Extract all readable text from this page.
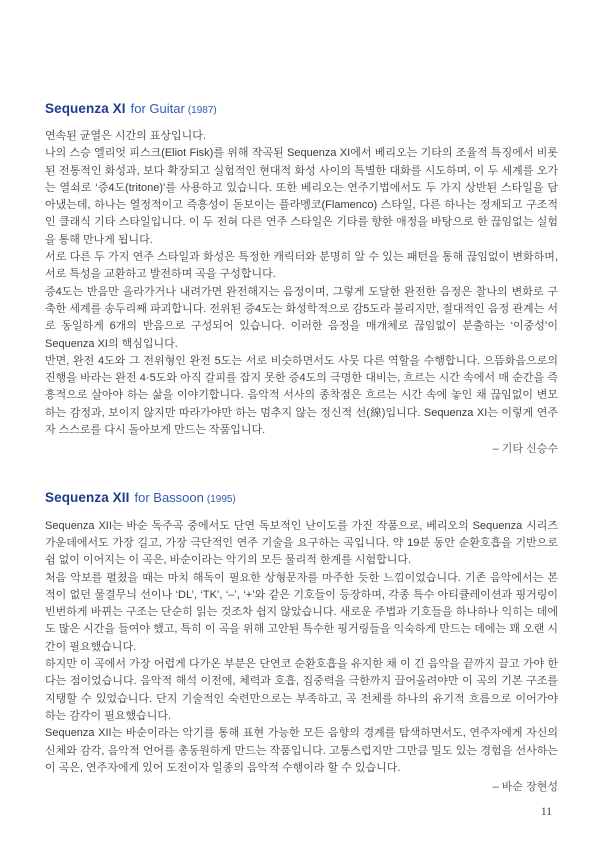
Sequenza XI for Guitar (1987)

연속된 균열은 시간의 표상입니다.

나의 스승 엘리엇 피스크(Eliot Fisk)를 위해 작곡된 Sequenza XI에서 베리오는 기타의 조율적 특징에서 비롯된 전통적인 화성과, 보다 확장되고 실험적인 현대적 화성 사이의 특별한 대화를 시도하며, 이 두 세계를 오가는 열쇠로 ‘증4도(tritone)’를 사용하고 있습니다. 또한 베리오는 연주기법에서도 두 가지 상반된 스타일을 담아냈는데, 하나는 열정적이고 즉흥성이 돋보이는 플라멩코(Flamenco) 스타일, 다른 하나는 정제되고 구조적인 클래식 기타 스타일입니다. 이 두 전혀 다른 연주 스타일은 기타를 향한 애정을 바탕으로 한 끊임없는 실험을 통해 만나게 됩니다.

서로 다른 두 가지 연주 스타일과 화성은 특정한 캐릭터와 분명히 알 수 있는 패턴을 통해 끊임없이 변화하며, 서로 특성을 교환하고 발전하며 곡을 구성합니다.

증4도는 반음만 올라가거나 내려가면 완전해지는 음정이며, 그렇게 도달한 완전한 음정은 찰나의 변화로 구축한 세계를 송두리째 파괴합니다. 전위된 증4도는 화성학적으로 감5도라 불리지만, 절대적인 음정 관계는 서로 동일하게 6개의 반음으로 구성되어 있습니다. 이러한 음정을 매개체로 끊임없이 분출하는 ‘이중성’이 Sequenza XI의 핵심입니다.

반면, 완전 4도와 그 전위형인 완전 5도는 서로 비슷하면서도 사뭇 다른 역할을 수행합니다. 으뜸화음으로의 진행을 바라는 완전 4·5도와 아직 갈피를 잡지 못한 증4도의 극명한 대비는, 흐르는 시간 속에서 매 순간을 즉흥적으로 살아야 하는 삶을 이야기합니다. 음악적 서사의 종착점은 흐르는 시간 속에 놓인 채 끊임없이 변모하는 감정과, 보이지 않지만 따라가야만 하는 멈추지 않는 정신적 선(線)입니다. Sequenza XI는 이렇게 연주자 스스로를 다시 돌아보게 만드는 작품입니다.

– 기타 신승수

Sequenza XII for Bassoon (1995)

Sequenza XII는 바순 독주곡 중에서도 단연 독보적인 난이도를 가진 작품으로, 베리오의 Sequenza 시리즈 가운데에서도 가장 길고, 가장 극단적인 연주 기술을 요구하는 곡입니다. 약 19분 동안 순환호흡을 기반으로 쉼 없이 이어지는 이 곡은, 바순이라는 악기의 모든 물리적 한계를 시험합니다.

처음 악보를 펼쳤을 때는 마치 해독이 필요한 상형문자를 마주한 듯한 느낌이었습니다. 기존 음악에서는 본 적이 없던 물결무늬 선이나 ‘DL’, ‘TK’, ‘–’, ‘+’와 같은 기호들이 등장하며, 각종 특수 아티큘레이션과 핑거링이 빈번하게 바뀌는 구조는 단순히 읽는 것조차 쉽지 않았습니다. 새로운 주법과 기호들을 하나하나 익히는 데에도 많은 시간을 들여야 했고, 특히 이 곡을 위해 고안된 특수한 핑거링들을 익숙하게 만드는 데에는 꽤 오랜 시간이 필요했습니다.

하지만 이 곡에서 가장 어렵게 다가온 부분은 단연코 순환호흡을 유지한 채 이 긴 음악을 끝까지 끌고 가야 한다는 점이었습니다. 음악적 해석 이전에, 체력과 호흡, 집중력을 극한까지 끌어올려야만 이 곡의 기본 구조를 지탱할 수 있었습니다. 단지 기술적인 숙련만으로는 부족하고, 곡 전체를 하나의 유기적 흐름으로 이어가야 하는 감각이 필요했습니다.

Sequenza XII는 바순이라는 악기를 통해 표현 가능한 모든 음향의 경계를 탐색하면서도, 연주자에게 자신의 신체와 감각, 음악적 언어를 총동원하게 만드는 작품입니다. 고통스럽지만 그만큼 밀도 있는 경험을 선사하는 이 곡은, 연주자에게 있어 도전이자 일종의 음악적 수행이라 할 수 있습니다.

– 바순 장현성

11
